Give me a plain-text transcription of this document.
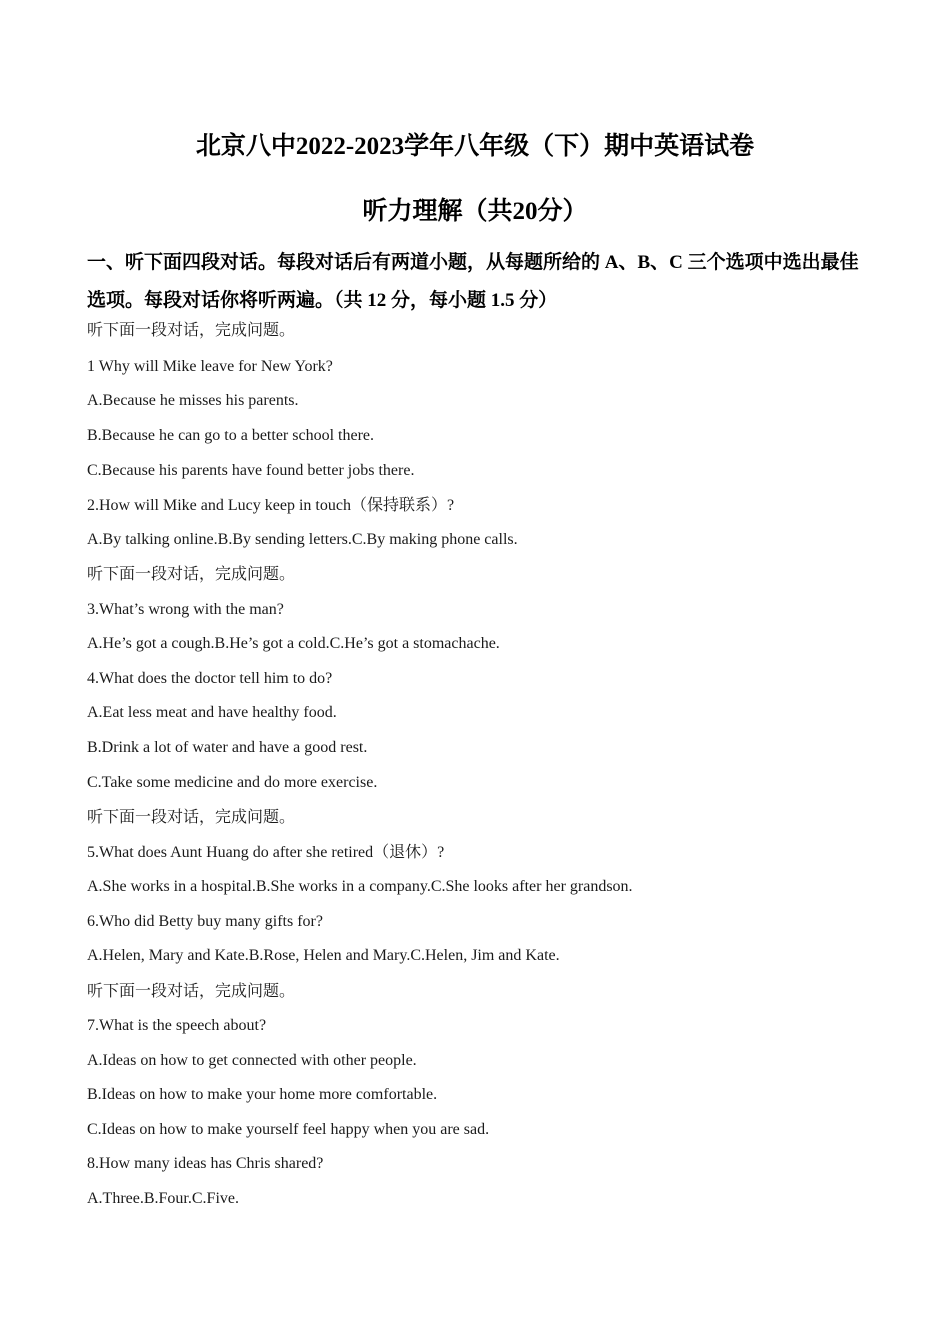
北京八中2022-2023学年八年级（下）期中英语试卷
听力理解（共20分）
一、听下面四段对话。每段对话后有两道小题，从每题所给的 A、B、C 三个选项中选出最佳
选项。每段对话你将听两遍。（共 12 分，每小题 1.5 分）
听下面一段对话，完成问题。
1 Why will Mike leave for New York?
A.Because he misses his parents.
B.Because he can go to a better school there.
C.Because his parents have found better jobs there.
2.How will Mike and Lucy keep in touch（保持联系）?
A.By talking online.B.By sending letters.C.By making phone calls.
听下面一段对话，完成问题。
3.What’s wrong with the man?
A.He’s got a cough.B.He’s got a cold.C.He’s got a stomachache.
4.What does the doctor tell him to do?
A.Eat less meat and have healthy food.
B.Drink a lot of water and have a good rest.
C.Take some medicine and do more exercise.
听下面一段对话，完成问题。
5.What does Aunt Huang do after she retired（退休）?
A.She works in a hospital.B.She works in a company.C.She looks after her grandson.
6.Who did Betty buy many gifts for?
A.Helen, Mary and Kate.B.Rose, Helen and Mary.C.Helen, Jim and Kate.
听下面一段对话，完成问题。
7.What is the speech about?
A.Ideas on how to get connected with other people.
B.Ideas on how to make your home more comfortable.
C.Ideas on how to make yourself feel happy when you are sad.
8.How many ideas has Chris shared?
A.Three.B.Four.C.Five.
